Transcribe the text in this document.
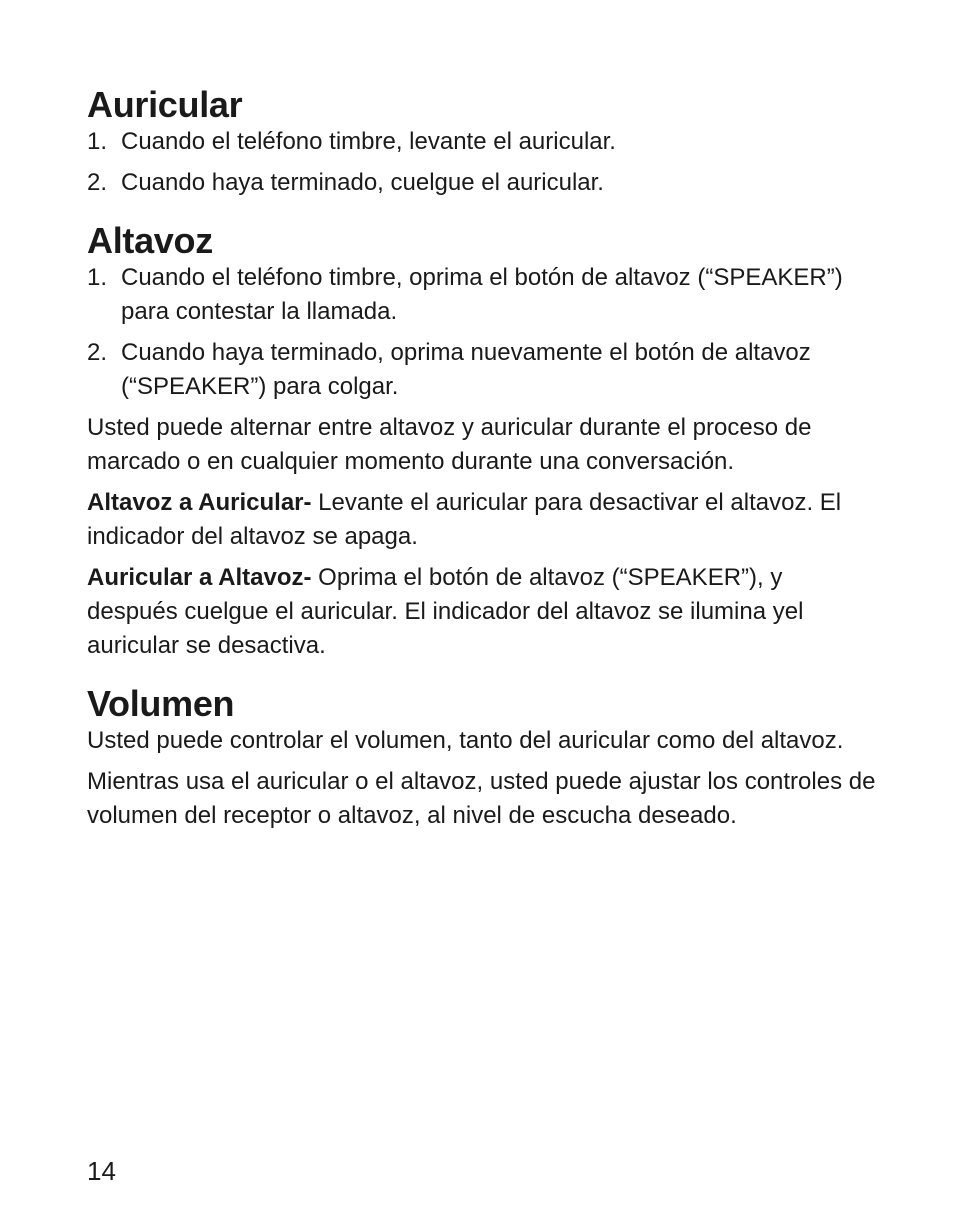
Auricular
1. Cuando el teléfono timbre, levante el auricular.
2. Cuando haya terminado, cuelgue el auricular.
Altavoz
1. Cuando el teléfono timbre, oprima el botón de altavoz (“SPEAKER”) para contestar la llamada.
2. Cuando haya terminado, oprima nuevamente el botón de altavoz (“SPEAKER”) para colgar.

Usted puede alternar entre altavoz y auricular durante el proceso de marcado o en cualquier momento durante una conversación.

Altavoz a Auricular- Levante el auricular para desactivar el altavoz. El indicador del altavoz se apaga.

Auricular a Altavoz- Oprima el botón de altavoz (“SPEAKER”), y después cuelgue el auricular. El indicador del altavoz se ilumina yel auricular se desactiva.

Volumen

Usted puede controlar el volumen, tanto del auricular como del altavoz.

Mientras usa el auricular o el altavoz, usted puede ajustar los controles de volumen del receptor o altavoz, al nivel de escucha deseado.

14
